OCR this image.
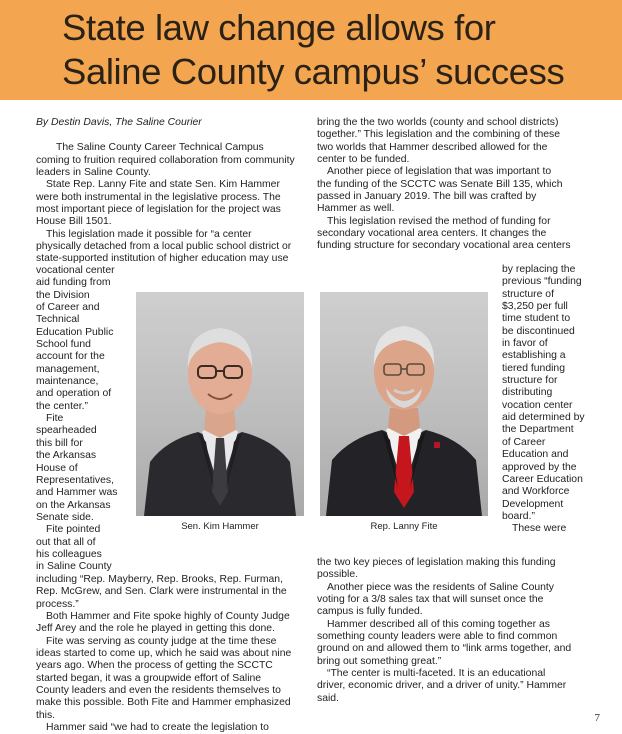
State law change allows for
Saline County campus’ success

By Destin Davis, The Saline Courier

The Saline County Career Technical Campus

coming to fruition required collaboration from community

leaders in Saline County.

State Rep. Lanny Fite and state Sen. Kim Hammer

were both instrumental in the legislative process. The

most important piece of legislation for the project was

House Bill 1501.

This legislation made it possible for “a center

physically detached from a local public school district or

state-supported institution of higher education may use

vocational center

aid funding from

the Division

of Career and

Technical

Education Public

School fund

account for the

management,

maintenance,

and operation of

the center.”

Fite

spearheaded

this bill for

the Arkansas

House of

Representatives,

and Hammer was

on the Arkansas

Senate side.

Fite pointed

out that all of

his colleagues

in Saline County

including “Rep. Mayberry, Rep. Brooks, Rep. Furman,

Rep. McGrew, and Sen. Clark were instrumental in the

process.”

Both Hammer and Fite spoke highly of County Judge

Jeff Arey and the role he played in getting this done.

Fite was serving as county judge at the time these

ideas started to come up, which he said was about nine

years ago. When the process of getting the SCCTC

started began, it was a groupwide effort of Saline

County leaders and even the residents themselves to

make this possible. Both Fite and Hammer emphasized

this.

Hammer said “we had to create the legislation to

bring the the two worlds (county and school districts)

together.” This legislation and the combining of these

two worlds that Hammer described allowed for the

center to be funded.

Another piece of legislation that was important to

the funding of the SCCTC was Senate Bill 135, which

passed in January 2019. The bill was crafted by

Hammer as well.

This legislation revised the method of funding for

secondary vocational area centers. It changes the

funding structure for secondary vocational area centers

by replacing the

previous “funding

structure of

$3,250 per full

time student to

be discontinued

in favor of

establishing a

tiered funding

structure for

distributing

vocation center

aid determined by

the Department

of Career

Education and

approved by the

Career Education

and Workforce

Development

board.”

These were

the two key pieces of legislation making this funding

possible.

Another piece was the residents of Saline County

voting for a 3/8 sales tax that will sunset once the

campus is fully funded.

Hammer described all of this coming together as

something county leaders were able to find common

ground on and allowed them to “link arms together, and

bring out something great.”

“The center is multi-faceted. It is an educational

driver, economic driver, and a driver of unity.” Hammer

said.

Sen. Kim Hammer	Rep. Lanny Fite
7
